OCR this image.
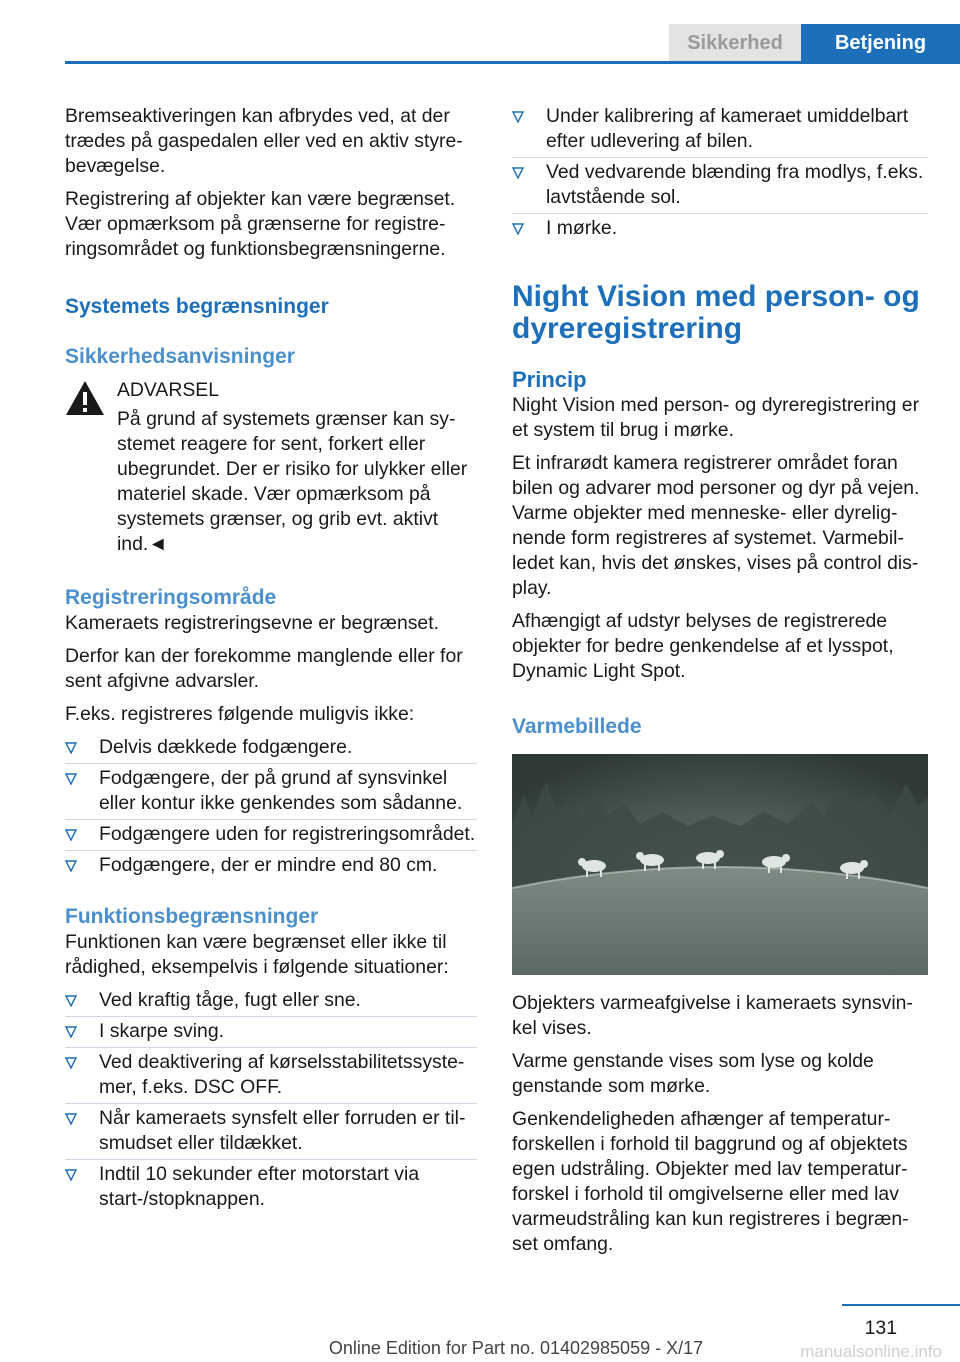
Sikkerhed	Betjening

Bremseaktiveringen kan afbrydes ved, at der trædes på gaspedalen eller ved en aktiv styrebevægelse.

Registrering af objekter kan være begrænset. Vær opmærksom på grænserne for registreringsområdet og funktionsbegrænsningerne.

Systemets begrænsninger
Sikkerhedsanvisninger
ADVARSEL
På grund af systemets grænser kan systemet reagere for sent, forkert eller ubegrundet. Der er risiko for ulykker eller materiel skade. Vær opmærksom på systemets grænser, og grib evt. aktivt ind.◄
Registreringsområde

Kameraets registreringsevne er begrænset.

Derfor kan der forekomme manglende eller for sent afgivne advarsler.

F.eks. registreres følgende muligvis ikke:

Delvis dækkede fodgængere.
Fodgængere, der på grund af synsvinkel eller kontur ikke genkendes som sådanne.
Fodgængere uden for registreringsområdet.
Fodgængere, der er mindre end 80 cm.
Funktionsbegrænsninger

Funktionen kan være begrænset eller ikke til rådighed, eksempelvis i følgende situationer:

Ved kraftig tåge, fugt eller sne.
I skarpe sving.
Ved deaktivering af kørselsstabilitetssystemer, f.eks. DSC OFF.
Når kameraets synsfelt eller forruden er tilsmudset eller tildækket.
Indtil 10 sekunder efter motorstart via start-/stopknappen.
Under kalibrering af kameraet umiddelbart efter udlevering af bilen.
Ved vedvarende blænding fra modlys, f.eks. lavtstående sol.
I mørke.
Night Vision med person- og dyreregistrering
Princip

Night Vision med person- og dyreregistrering er et system til brug i mørke.

Et infrarødt kamera registrerer området foran bilen og advarer mod personer og dyr på vejen. Varme objekter med menneske- eller dyrelignende form registreres af systemet. Varmebilledet kan, hvis det ønskes, vises på control display.

Afhængigt af udstyr belyses de registrerede objekter for bedre genkendelse af et lysspot, Dynamic Light Spot.

Varmebillede

Objekters varmeafgivelse i kameraets synsvinkel vises.

Varme genstande vises som lyse og kolde genstande som mørke.

Genkendeligheden afhænger af temperaturforskellen i forhold til baggrund og af objektets egen udstråling. Objekter med lav temperaturforskel i forhold til omgivelserne eller med lav varmeudstråling kan kun registreres i begrænset omfang.

131
Online Edition for Part no. 01402985059 - X/17	manualsonline.info
